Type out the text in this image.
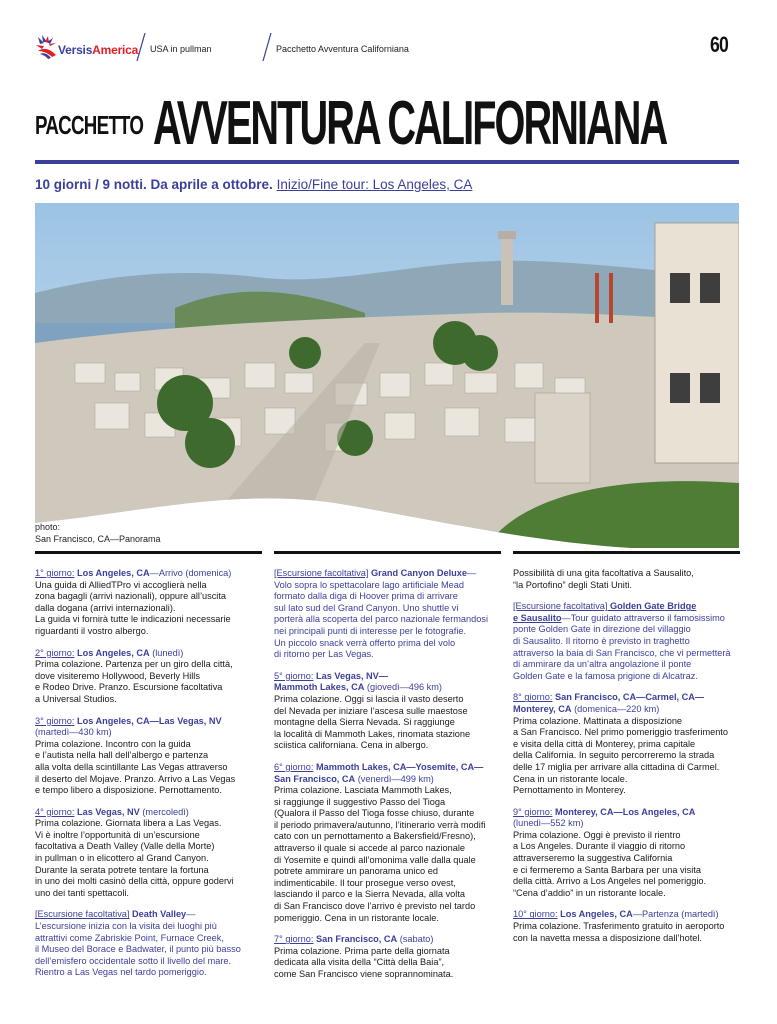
VersisAmerica USA in pullman	Pacchetto Avventura Californiana	60
PACCHETTO AVVENTURA CALIFORNIANA
10 giorni / 9 notti. Da aprile a ottobre. Inizio/Fine tour: Los Angeles, CA
photo:
San Francisco, CA—Panorama

1° giorno: Los Angeles, CA—Arrivo (domenica)
Una guida di AlliedTPro vi accoglierà nella
zona bagagli (arrivi nazionali), oppure all’uscita
dalla dogana (arrivi internazionali).
La guida vi fornirà tutte le indicazioni necessarie
riguardanti il vostro albergo.

2° giorno: Los Angeles, CA (lunedì)
Prima colazione. Partenza per un giro della città,
dove visiteremo Hollywood, Beverly Hills
e Rodeo Drive. Pranzo. Escursione facoltativa
a Universal Studios.

3° giorno: Los Angeles, CA—Las Vegas, NV
(martedì—430 km)
Prima colazione. Incontro con la guida
e l’autista nella hall dell’albergo e partenza
alla volta della scintillante Las Vegas attraverso
il deserto del Mojave. Pranzo. Arrivo a Las Vegas
e tempo libero a disposizione. Pernottamento.

4° giorno: Las Vegas, NV (mercoledì)
Prima colazione. Giornata libera a Las Vegas.
Vi è inoltre l’opportunità di un’escursione
facoltativa a Death Valley (Valle della Morte)
in pullman o in elicottero al Grand Canyon.
Durante la serata potrete tentare la fortuna
in uno dei molti casinò della città, oppure godervi
uno dei tanti spettacoli.

[Escursione facoltativa] Death Valley—
L’escursione inizia con la visita dei luoghi più
attrattivi come Zabriskie Point, Furnace Creek,
il Museo del Borace e Badwater, il punto più basso
dell’emisfero occidentale sotto il livello del mare.
Rientro a Las Vegas nel tardo pomeriggio.

[Escursione facoltativa] Grand Canyon Deluxe—
Volo sopra lo spettacolare lago artificiale Mead
formato dalla diga di Hoover prima di arrivare
sul lato sud del Grand Canyon. Uno shuttle vi
porterà alla scoperta del parco nazionale fermandosi
nei principali punti di interesse per le fotografie.
Un piccolo snack verrà offerto prima del volo
di ritorno per Las Vegas.

5° giorno: Las Vegas, NV—
Mammoth Lakes, CA (giovedì—496 km)
Prima colazione. Oggi si lascia il vasto deserto
del Nevada per iniziare l’ascesa sulle maestose
montagne della Sierra Nevada. Si raggiunge
la località di Mammoth Lakes, rinomata stazione
sciistica californiana. Cena in albergo.

6° giorno: Mammoth Lakes, CA—Yosemite, CA—
San Francisco, CA (venerdì—499 km)
Prima colazione. Lasciata Mammoth Lakes,
si raggiunge il suggestivo Passo del Tioga
(Qualora il Passo del Tioga fosse chiuso, durante
il periodo primavera/autunno, l’itinerario verrà modifi
cato con un pernottamento a Bakersfield/Fresno),
attraverso il quale si accede al parco nazionale
di Yosemite e quindi all’omonima valle dalla quale
potrete ammirare un panorama unico ed
indimenticabile. Il tour prosegue verso ovest,
lasciando il parco e la Sierra Nevada, alla volta
di San Francisco dove l’arrivo è previsto nel tardo
pomeriggio. Cena in un ristorante locale.

7° giorno: San Francisco, CA (sabato)
Prima colazione. Prima parte della giornata
dedicata alla visita della “Città della Baia”,
come San Francisco viene soprannominata.

Possibilità di una gita facoltativa a Sausalito,
“la Portofino” degli Stati Uniti.

[Escursione facoltativa] Golden Gate Bridge
e Sausalito—Tour guidato attraverso il famosissimo
ponte Golden Gate in direzione del villaggio
di Sausalito. Il ritorno è previsto in traghetto
attraverso la baia di San Francisco, che vi permetterà
di ammirare da un’altra angolazione il ponte
Golden Gate e la famosa prigione di Alcatraz.

8° giorno: San Francisco, CA—Carmel, CA—
Monterey, CA (domenica—220 km)
Prima colazione. Mattinata a disposizione
a San Francisco. Nel primo pomeriggio trasferimento
e visita della città di Monterey, prima capitale
della California. In seguito percorreremo la strada
delle 17 miglia per arrivare alla cittadina di Carmel.
Cena in un ristorante locale.
Pernottamento in Monterey.

9° giorno: Monterey, CA—Los Angeles, CA
(lunedì—552 km)
Prima colazione. Oggi è previsto il rientro
a Los Angeles. Durante il viaggio di ritorno
attraverseremo la suggestiva California
e ci fermeremo a Santa Barbara per una visita
della città. Arrivo a Los Angeles nel pomeriggio.
“Cena d’addio” in un ristorante locale.

10° giorno: Los Angeles, CA—Partenza (martedì)
Prima colazione. Trasferimento gratuito in aeroporto
con la navetta messa a disposizione dall’hotel.
